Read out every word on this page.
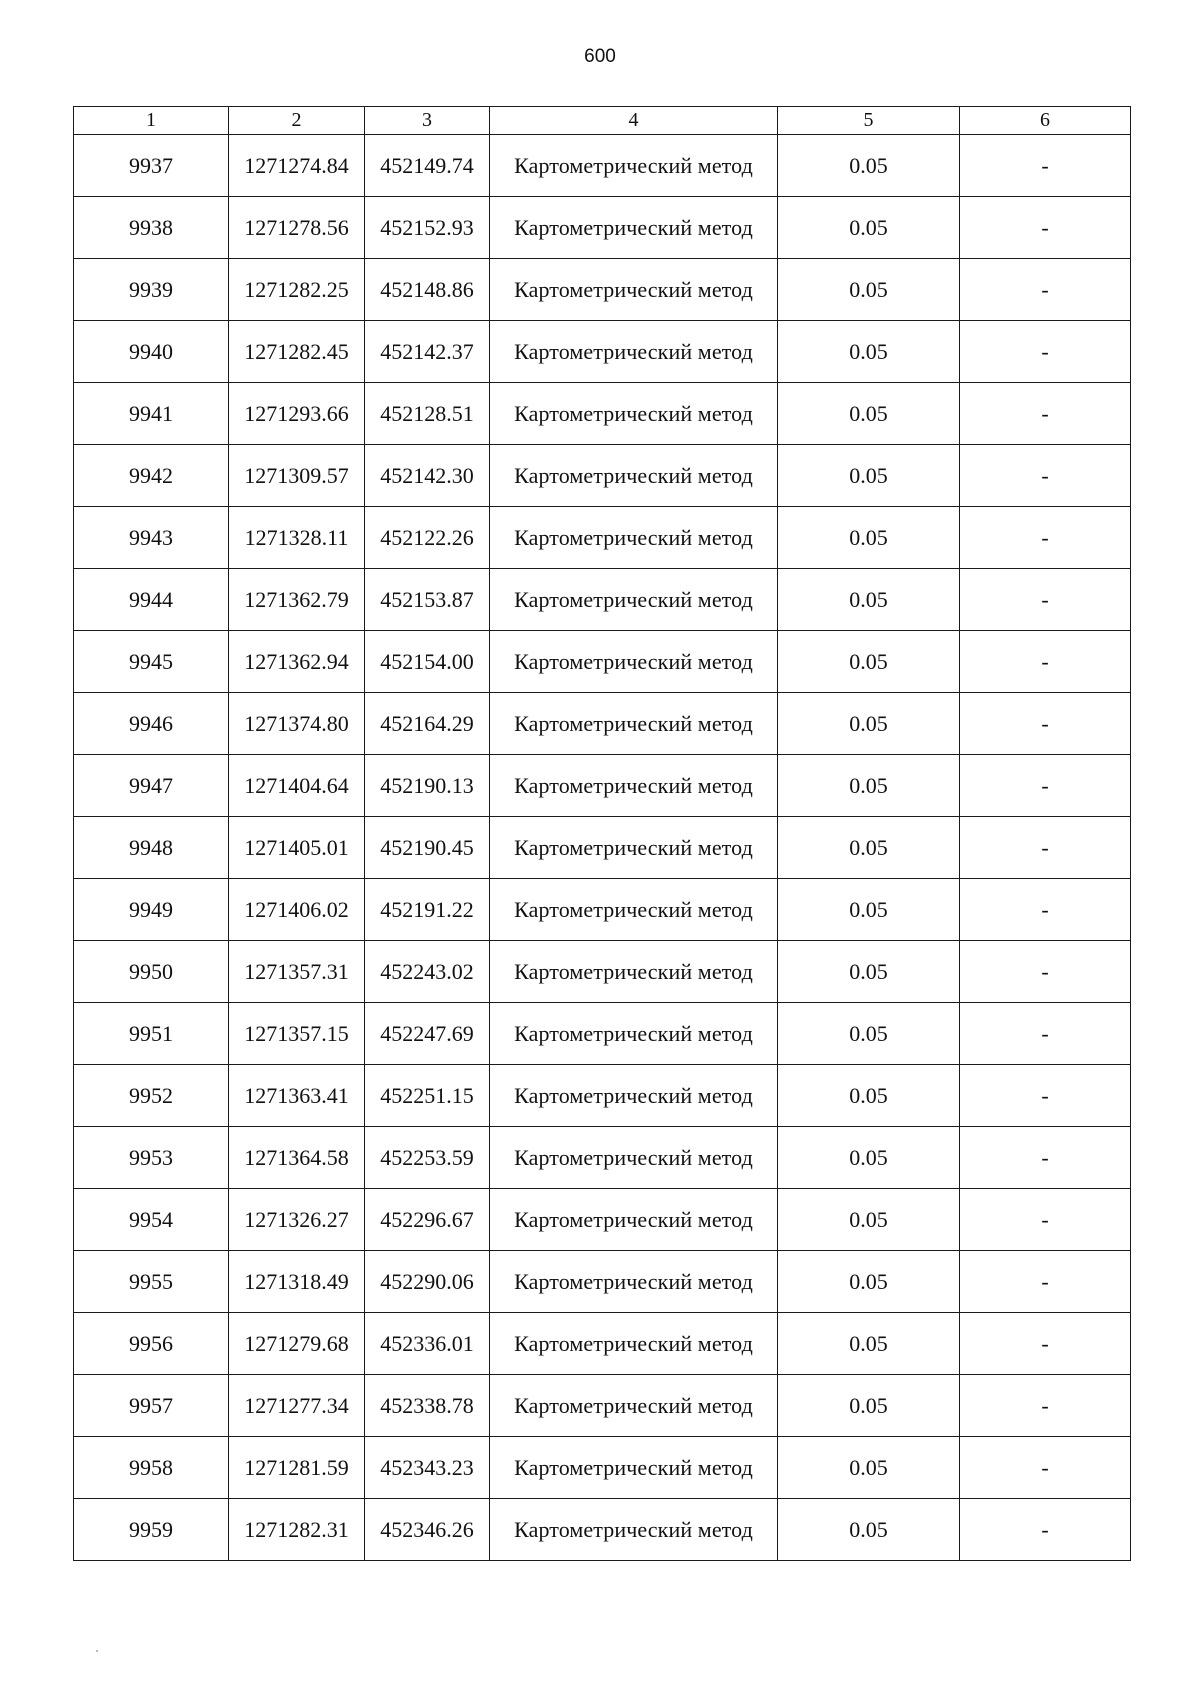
600
1	2	3	4	5	6
9937	1271274.84	452149.74	Картометрический метод	0.05	-
9938	1271278.56	452152.93	Картометрический метод	0.05	-
9939	1271282.25	452148.86	Картометрический метод	0.05	-
9940	1271282.45	452142.37	Картометрический метод	0.05	-
9941	1271293.66	452128.51	Картометрический метод	0.05	-
9942	1271309.57	452142.30	Картометрический метод	0.05	-
9943	1271328.11	452122.26	Картометрический метод	0.05	-
9944	1271362.79	452153.87	Картометрический метод	0.05	-
9945	1271362.94	452154.00	Картометрический метод	0.05	-
9946	1271374.80	452164.29	Картометрический метод	0.05	-
9947	1271404.64	452190.13	Картометрический метод	0.05	-
9948	1271405.01	452190.45	Картометрический метод	0.05	-
9949	1271406.02	452191.22	Картометрический метод	0.05	-
9950	1271357.31	452243.02	Картометрический метод	0.05	-
9951	1271357.15	452247.69	Картометрический метод	0.05	-
9952	1271363.41	452251.15	Картометрический метод	0.05	-
9953	1271364.58	452253.59	Картометрический метод	0.05	-
9954	1271326.27	452296.67	Картометрический метод	0.05	-
9955	1271318.49	452290.06	Картометрический метод	0.05	-
9956	1271279.68	452336.01	Картометрический метод	0.05	-
9957	1271277.34	452338.78	Картометрический метод	0.05	-
9958	1271281.59	452343.23	Картометрический метод	0.05	-
9959	1271282.31	452346.26	Картометрический метод	0.05	-
